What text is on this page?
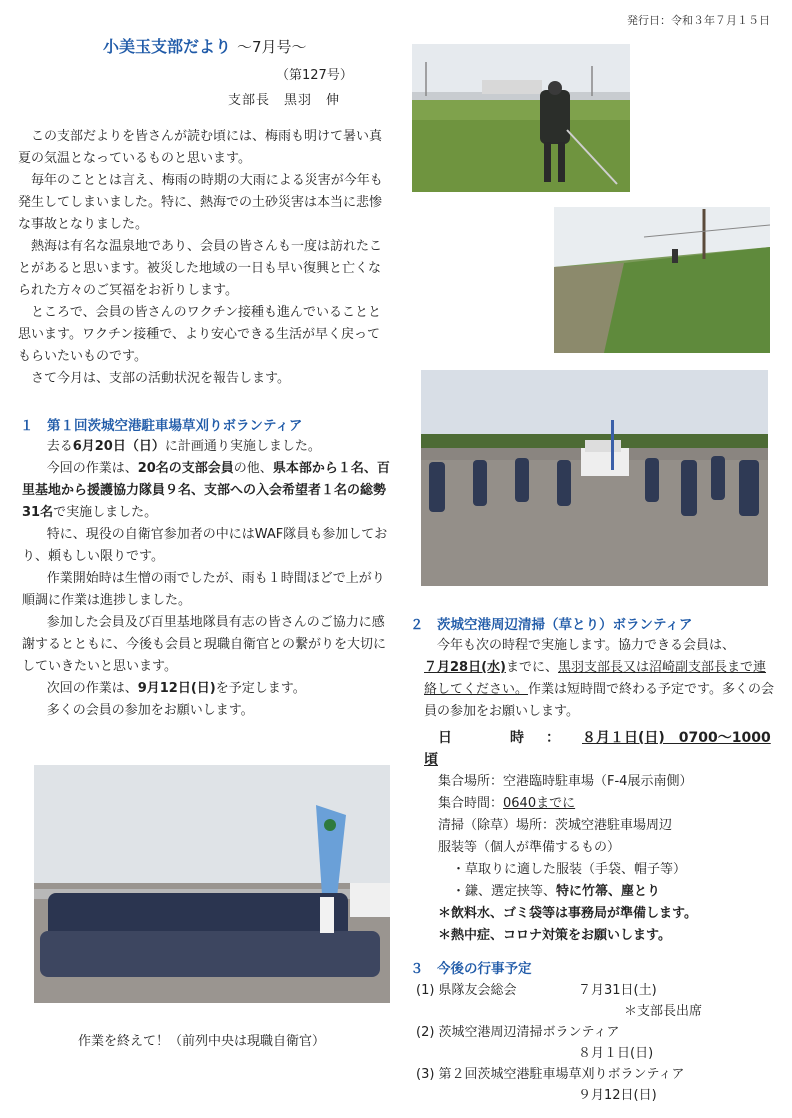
発行日：令和３年７月１５日
小美玉支部だより ～7月号～
（第127号）
支部長 黒羽　伸

この支部だよりを皆さんが読む頃には、梅雨も明けて暑い真夏の気温となっているものと思います。

毎年のこととは言え、梅雨の時期の大雨による災害が今年も発生してしまいました。特に、熱海での土砂災害は本当に悲惨な事故となりました。

熱海は有名な温泉地であり、会員の皆さんも一度は訪れたことがあると思います。被災した地域の一日も早い復興と亡くなられた方々のご冥福をお祈りします。

ところで、会員の皆さんのワクチン接種も進んでいることと思います。ワクチン接種で、より安心できる生活が早く戻ってもらいたいものです。

さて今月は、支部の活動状況を報告します。

１　第１回茨城空港駐車場草刈りボランティア

去る6月20日（日）に計画通り実施しました。

今回の作業は、20名の支部会員の他、県本部から１名、百里基地から援護協力隊員９名、支部への入会希望者１名の総勢31名で実施しました。

特に、現役の自衛官参加者の中にはWAF隊員も参加しており、頼もしい限りです。

作業開始時は生憎の雨でしたが、雨も１時間ほどで上がり順調に作業は進捗しました。

参加した会員及び百里基地隊員有志の皆さんのご協力に感謝するとともに、今後も会員と現職自衛官との繋がりを大切にしていきたいと思います。

次回の作業は、9月12日(日)を予定します。

多くの会員の参加をお願いします。

作業を終えて！（前列中央は現職自衛官）
２　茨城空港周辺清掃（草とり）ボランティア

今年も次の時程で実施します。協力できる会員は、

７月28日(水)までに、黒羽支部長又は沼崎副支部長まで連絡してください。作業は短時間で終わる予定です。多くの会員の参加をお願いします。

日　時：８月１日(日)　0700～1000頃

集合場所：空港臨時駐車場（F-4展示南側）

集合時間：0640までに

清掃（除草）場所：茨城空港駐車場周辺

服装等（個人が準備するもの）

・草取りに適した服装（手袋、帽子等）

・鎌、選定挟等、特に竹箒、塵とり

＊飲料水、ゴミ袋等は事務局が準備します。

＊熱中症、コロナ対策をお願いします。

３　今後の行事予定
(1) 県隊友会総会	７月31日(土)
＊支部長出席
(2) 茨城空港周辺清掃ボランティア
８月１日(日)
(3) 第２回茨城空港駐車場草刈りボランティア
９月12日(日)
